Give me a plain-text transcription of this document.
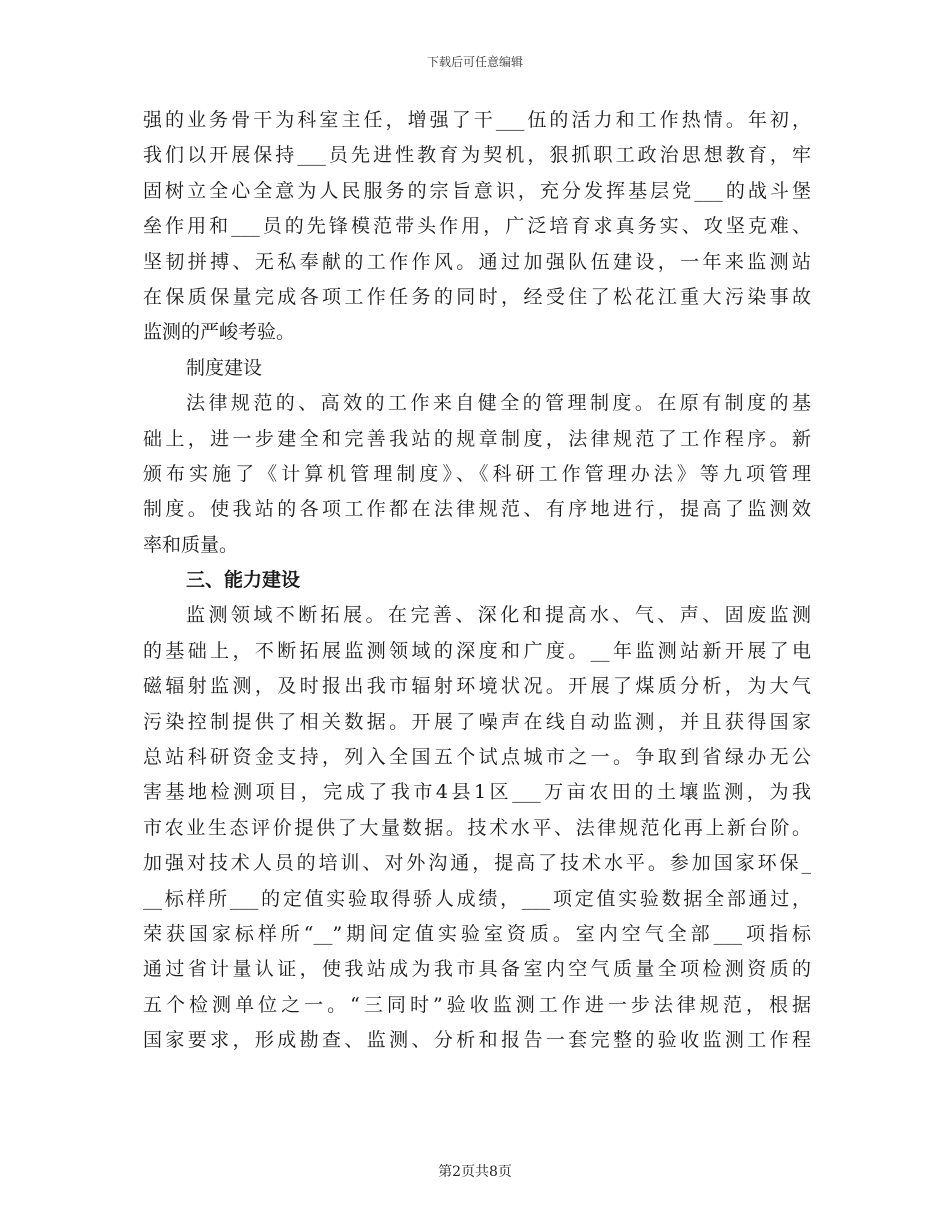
下载后可任意编辑
强的业务骨干为科室主任，增强了干___伍的活力和工作热情。年初，
我们以开展保持___员先进性教育为契机，狠抓职工政治思想教育，牢
固树立全心全意为人民服务的宗旨意识，充分发挥基层党___的战斗堡
垒作用和___员的先锋模范带头作用，广泛培育求真务实、攻坚克难、
坚韧拼搏、无私奉献的工作作风。通过加强队伍建设，一年来监测站
在保质保量完成各项工作任务的同时，经受住了松花江重大污染事故
监测的严峻考验。
制度建设
法律规范的、高效的工作来自健全的管理制度。在原有制度的基
础上，进一步建全和完善我站的规章制度，法律规范了工作程序。新
颁布实施了《计算机管理制度》、《科研工作管理办法》等九项管理
制度。使我站的各项工作都在法律规范、有序地进行，提高了监测效
率和质量。
三、能力建设
监测领域不断拓展。在完善、深化和提高水、气、声、固废监测
的基础上，不断拓展监测领域的深度和广度。__年监测站新开展了电
磁辐射监测，及时报出我市辐射环境状况。开展了煤质分析，为大气
污染控制提供了相关数据。开展了噪声在线自动监测，并且获得国家
总站科研资金支持，列入全国五个试点城市之一。争取到省绿办无公
害基地检测项目，完成了我市4县1区___万亩农田的土壤监测，为我
市农业生态评价提供了大量数据。技术水平、法律规范化再上新台阶。
加强对技术人员的培训、对外沟通，提高了技术水平。参加国家环保_
__标样所___的定值实验取得骄人成绩，___项定值实验数据全部通过，
荣获国家标样所“__”期间定值实验室资质。室内空气全部___项指标
通过省计量认证，使我站成为我市具备室内空气质量全项检测资质的
五个检测单位之一。“三同时”验收监测工作进一步法律规范，根据
国家要求，形成勘查、监测、分析和报告一套完整的验收监测工作程
第2页共8页
